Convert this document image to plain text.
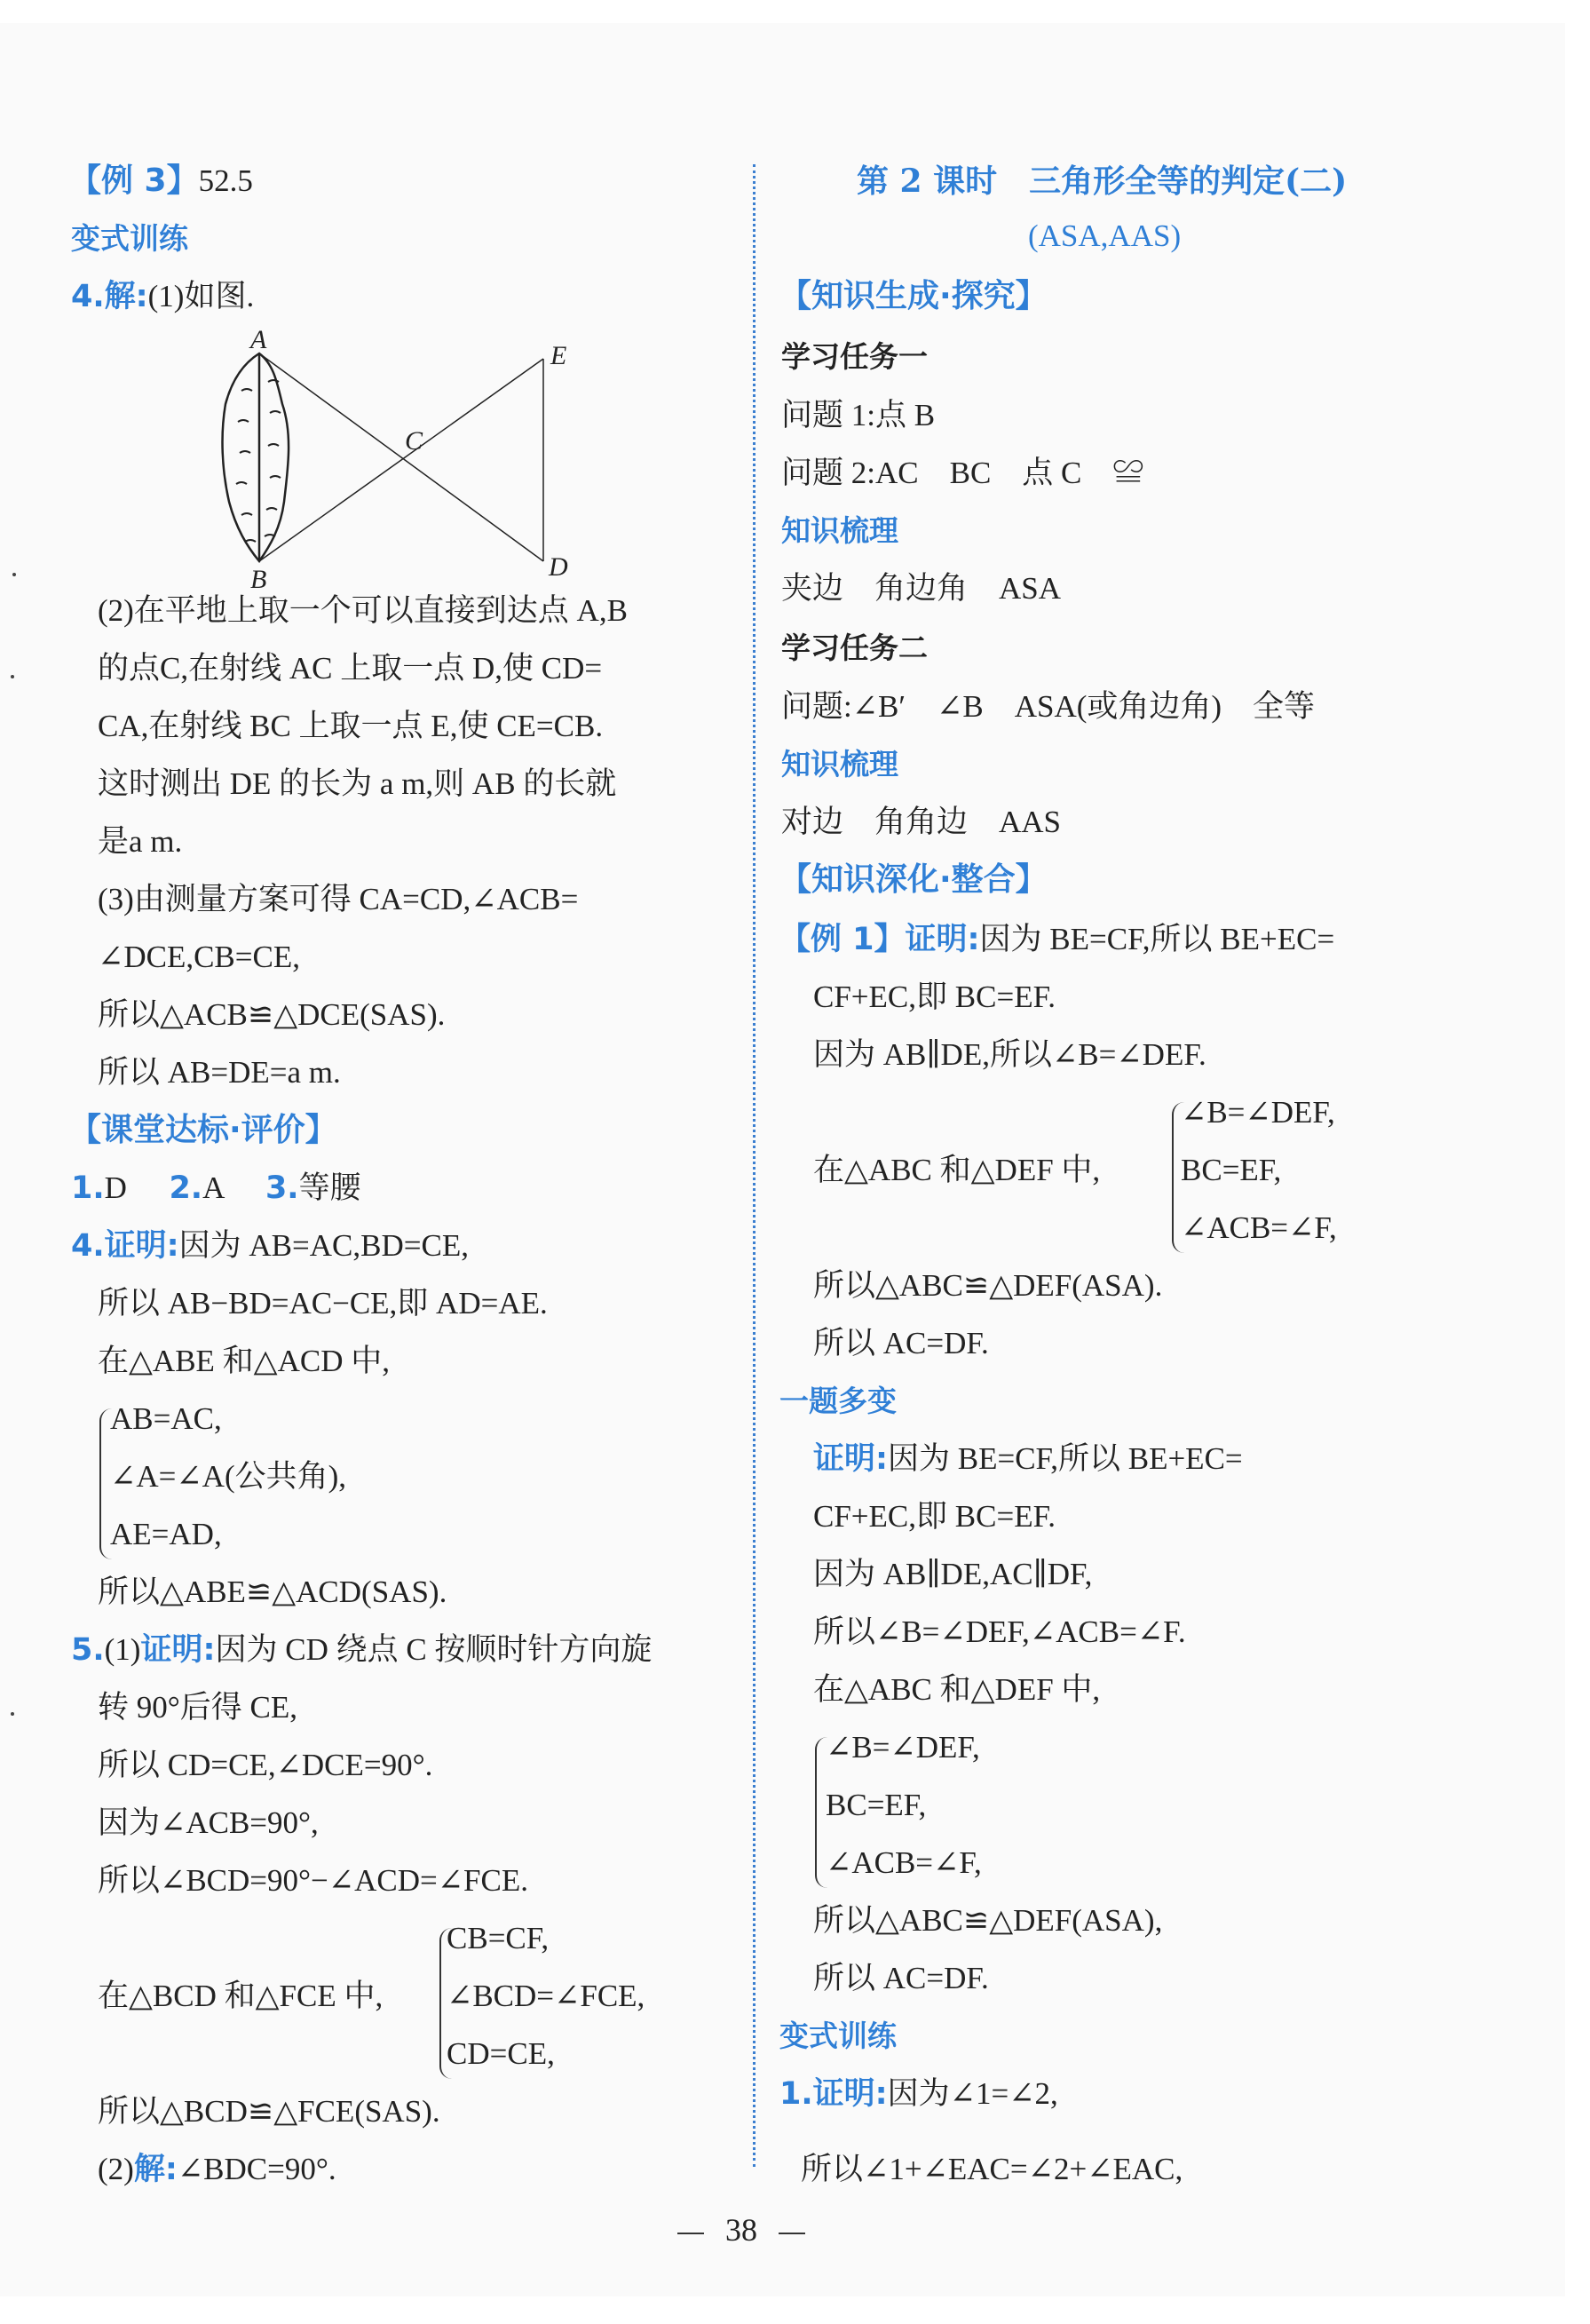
【例 3】52.5
变式训练
4.解:(1)如图.
A
B
C
D
E
(2)在平地上取一个可以直接到达点 A,B
的点C,在射线 AC 上取一点 D,使 CD=
CA,在射线 BC 上取一点 E,使 CE=CB.
这时测出 DE 的长为 a m,则 AB 的长就
是a m.
(3)由测量方案可得 CA=CD,∠ACB=
∠DCE,CB=CE,
所以△ACB≌△DCE(SAS).
所以 AB=DE=a m.
【课堂达标·评价】
1.D 2.A 3.等腰
4.证明:因为 AB=AC,BD=CE,
所以 AB−BD=AC−CE,即 AD=AE.
在△ABE 和△ACD 中,
AB=AC,
∠A=∠A(公共角),
AE=AD,
所以△ABE≌△ACD(SAS).
5.(1)证明:因为 CD 绕点 C 按顺时针方向旋
转 90°后得 CE,
所以 CD=CE,∠DCE=90°.
因为∠ACB=90°,
所以∠BCD=90°−∠ACD=∠FCE.
在△BCD 和△FCE 中,
CB=CF,
∠BCD=∠FCE,
CD=CE,
所以△BCD≌△FCE(SAS).
(2)解:∠BDC=90°.
第 2 课时　三角形全等的判定(二)
(ASA,AAS)
【知识生成·探究】
学习任务一
问题 1:点 B
问题 2:AC　BC　点 C　≌
知识梳理
夹边　角边角　ASA
学习任务二
问题:∠B′　∠B　ASA(或角边角)　全等
知识梳理
对边　角角边　AAS
【知识深化·整合】
【例 1】证明:因为 BE=CF,所以 BE+EC=
CF+EC,即 BC=EF.
因为 AB∥DE,所以∠B=∠DEF.
在△ABC 和△DEF 中,
∠B=∠DEF,
BC=EF,
∠ACB=∠F,
所以△ABC≌△DEF(ASA).
所以 AC=DF.
一题多变
证明:因为 BE=CF,所以 BE+EC=
CF+EC,即 BC=EF.
因为 AB∥DE,AC∥DF,
所以∠B=∠DEF,∠ACB=∠F.
在△ABC 和△DEF 中,
∠B=∠DEF,
BC=EF,
∠ACB=∠F,
所以△ABC≌△DEF(ASA),
所以 AC=DF.
变式训练
1.证明:因为∠1=∠2,
所以∠1+∠EAC=∠2+∠EAC,
38
